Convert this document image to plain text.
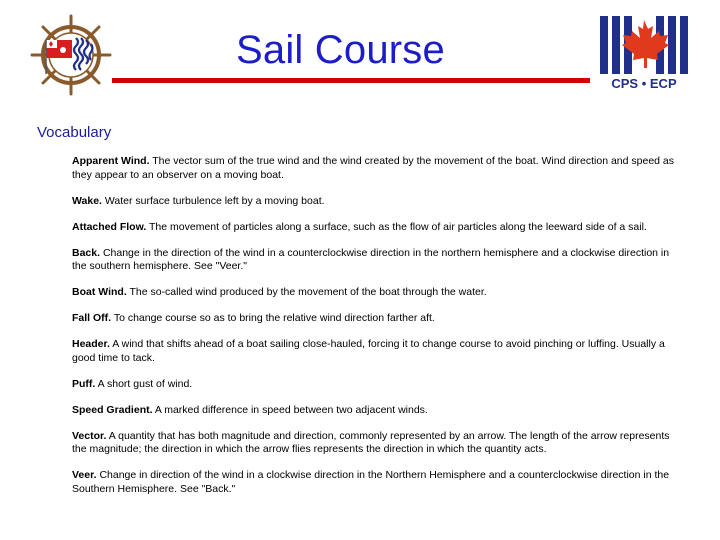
Sail Course
CPS • ECP
Vocabulary

Apparent Wind. The vector sum of the true wind and the wind created by the movement of the boat. Wind direction and speed as they appear to an observer on a moving boat.

Wake. Water surface turbulence left by a moving boat.

Attached Flow. The movement of particles along a surface, such as the flow of air particles along the leeward side of a sail.

Back. Change in the direction of the wind in a counterclockwise direction in the northern hemisphere and a clockwise direction in the southern hemisphere. See "Veer."

Boat Wind. The so-called wind produced by the movement of the boat through the water.

Fall Off. To change course so as to bring the relative wind direction farther aft.

Header. A wind that shifts ahead of a boat sailing close-hauled, forcing it to change course to avoid pinching or luffing. Usually a good time to tack.

Puff. A short gust of wind.

Speed Gradient. A marked difference in speed between two adjacent winds.

Vector. A quantity that has both magnitude and direction, commonly represented by an arrow. The length of the arrow represents the magnitude; the direction in which the arrow flies represents the direction in which the quantity acts.

Veer. Change in direction of the wind in a clockwise direction in the Northern Hemisphere and a counterclockwise direction in the Southern Hemisphere. See "Back."
